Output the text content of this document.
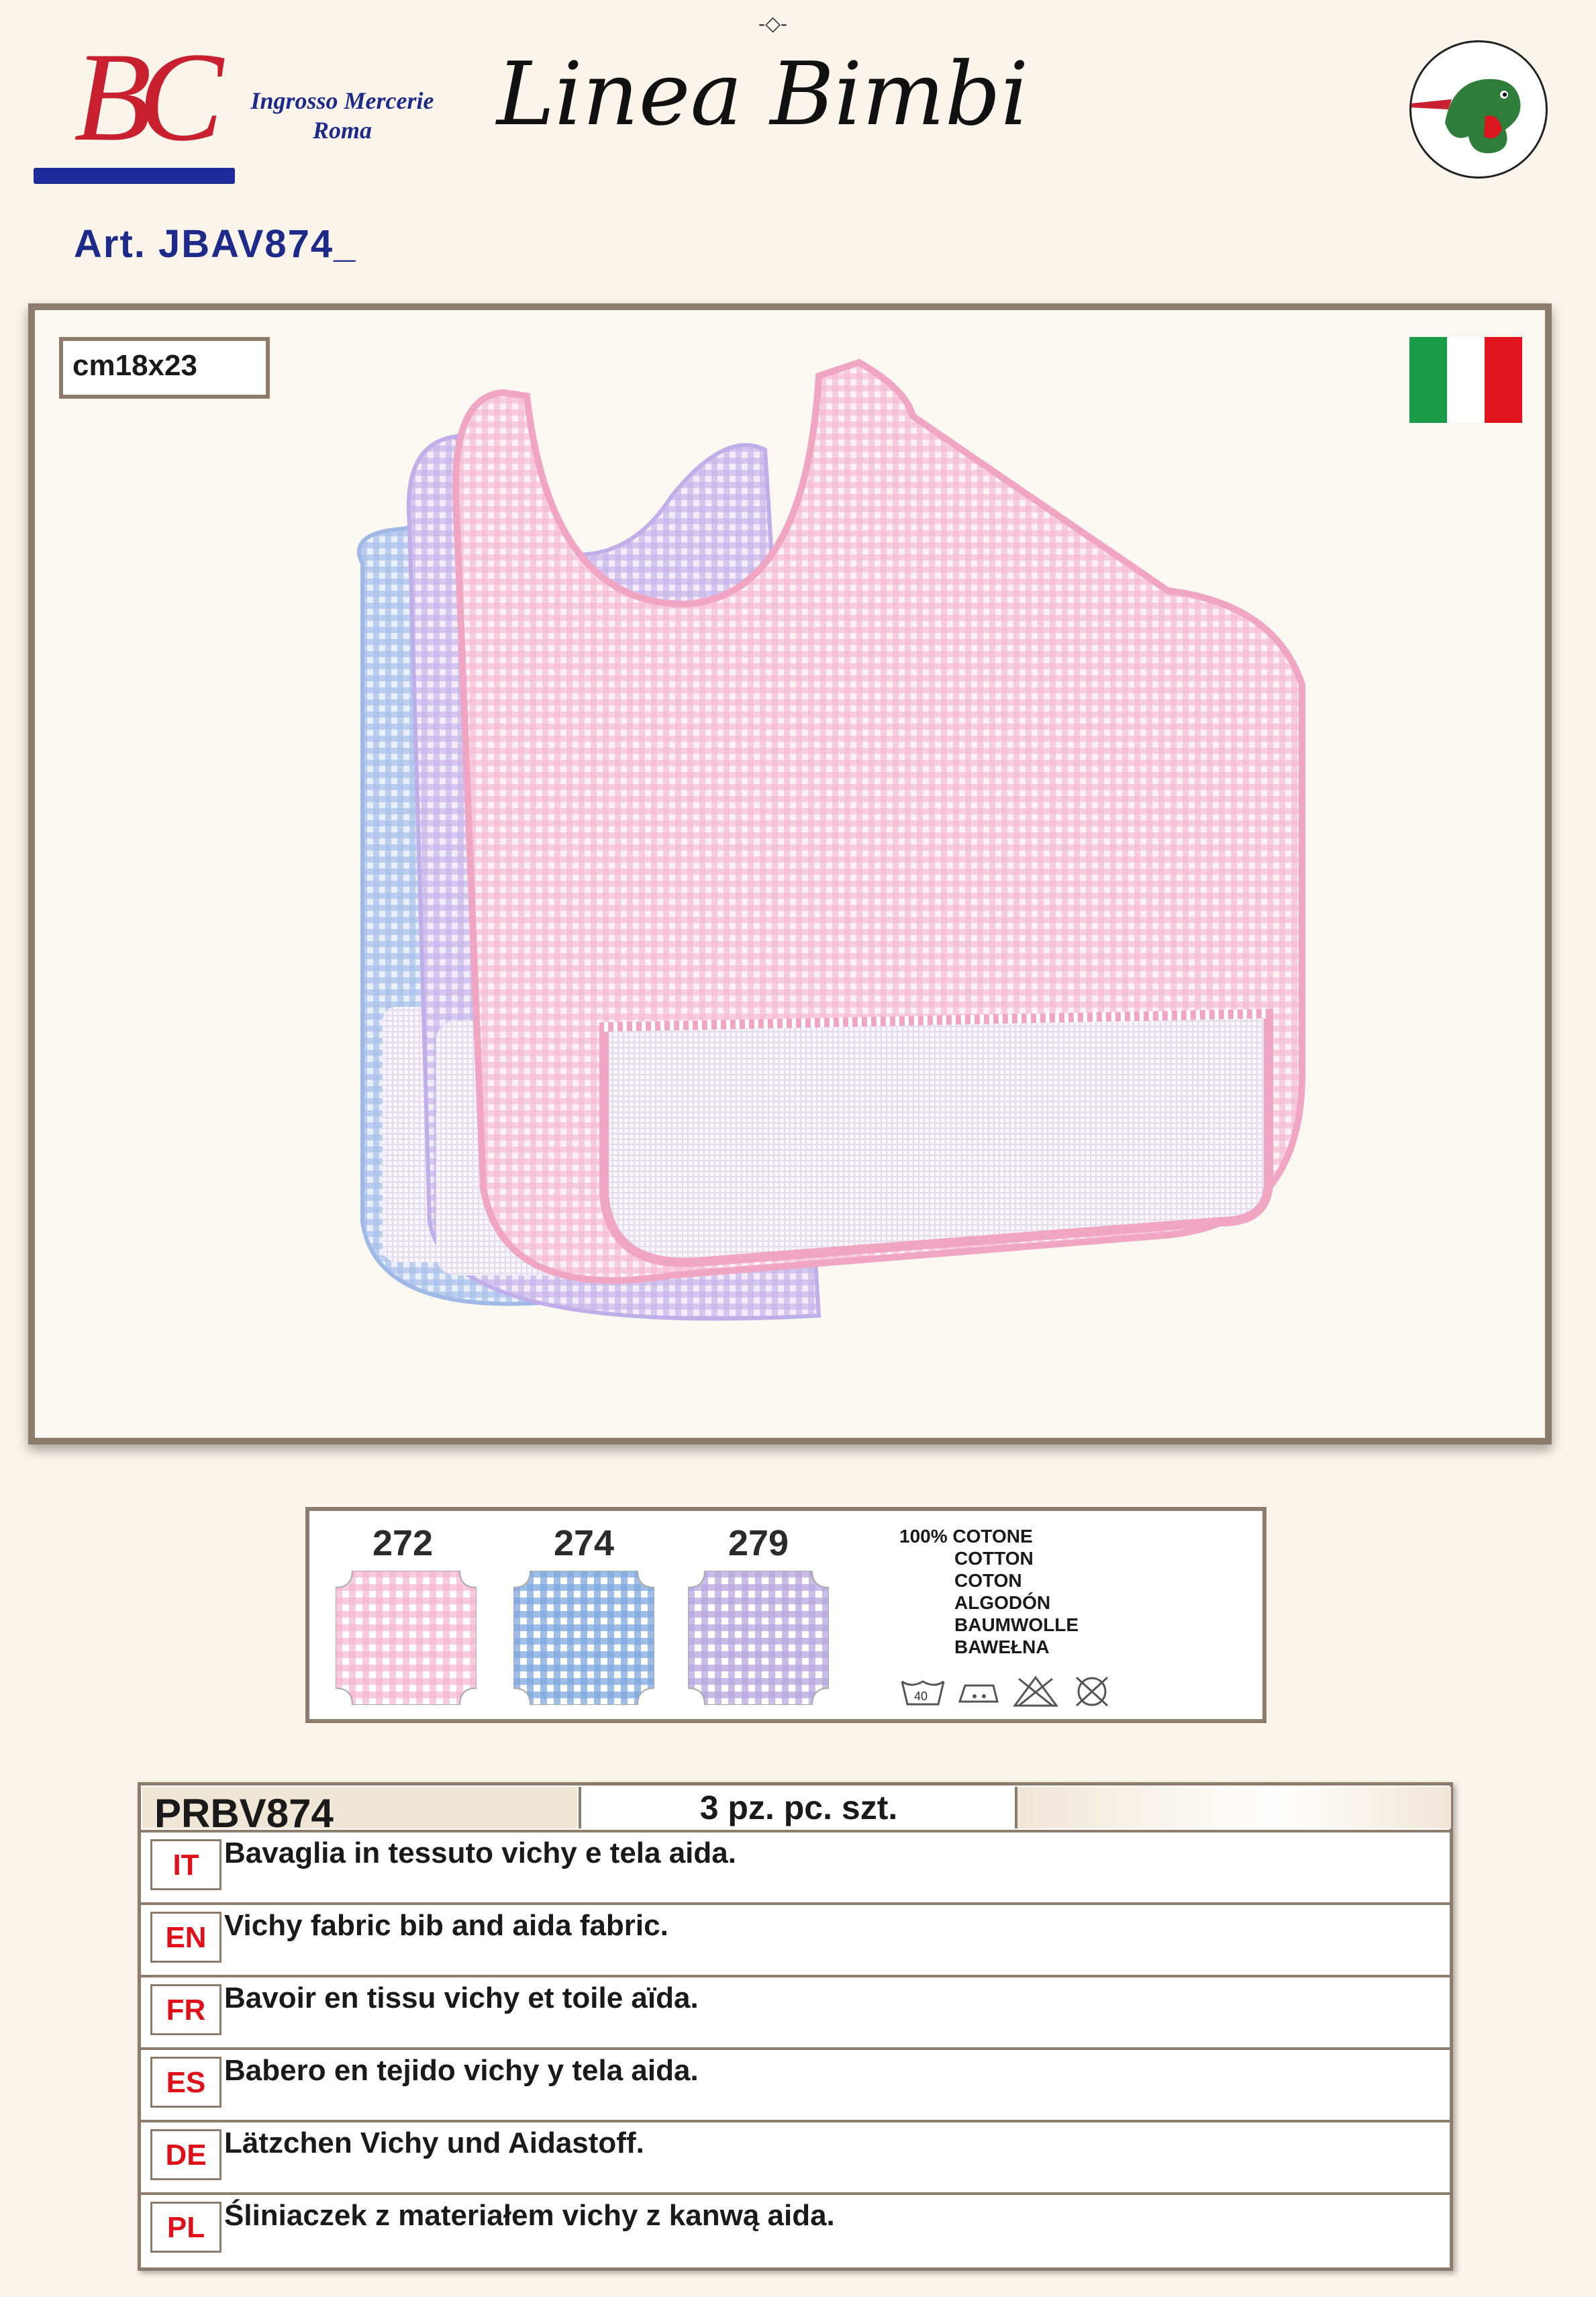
BC	Ingrosso Mercerie
Roma
-◇-
Linea Bimbi
Art. JBAV874_
cm18x23
272	274	279	100% COTONE
COTTON
COTON
ALGODÓN
BAUMWOLLE
BAWEŁNA
40
PRBV874	3 pz. pc. szt.
IT Bavaglia in tessuto vichy e tela aida.
EN Vichy fabric bib and aida fabric.
FR Bavoir en tissu vichy et toile aïda.
ES Babero en tejido vichy y tela aida.
DE Lätzchen Vichy und Aidastoff.
PL Śliniaczek z materiałem vichy z kanwą aida.
